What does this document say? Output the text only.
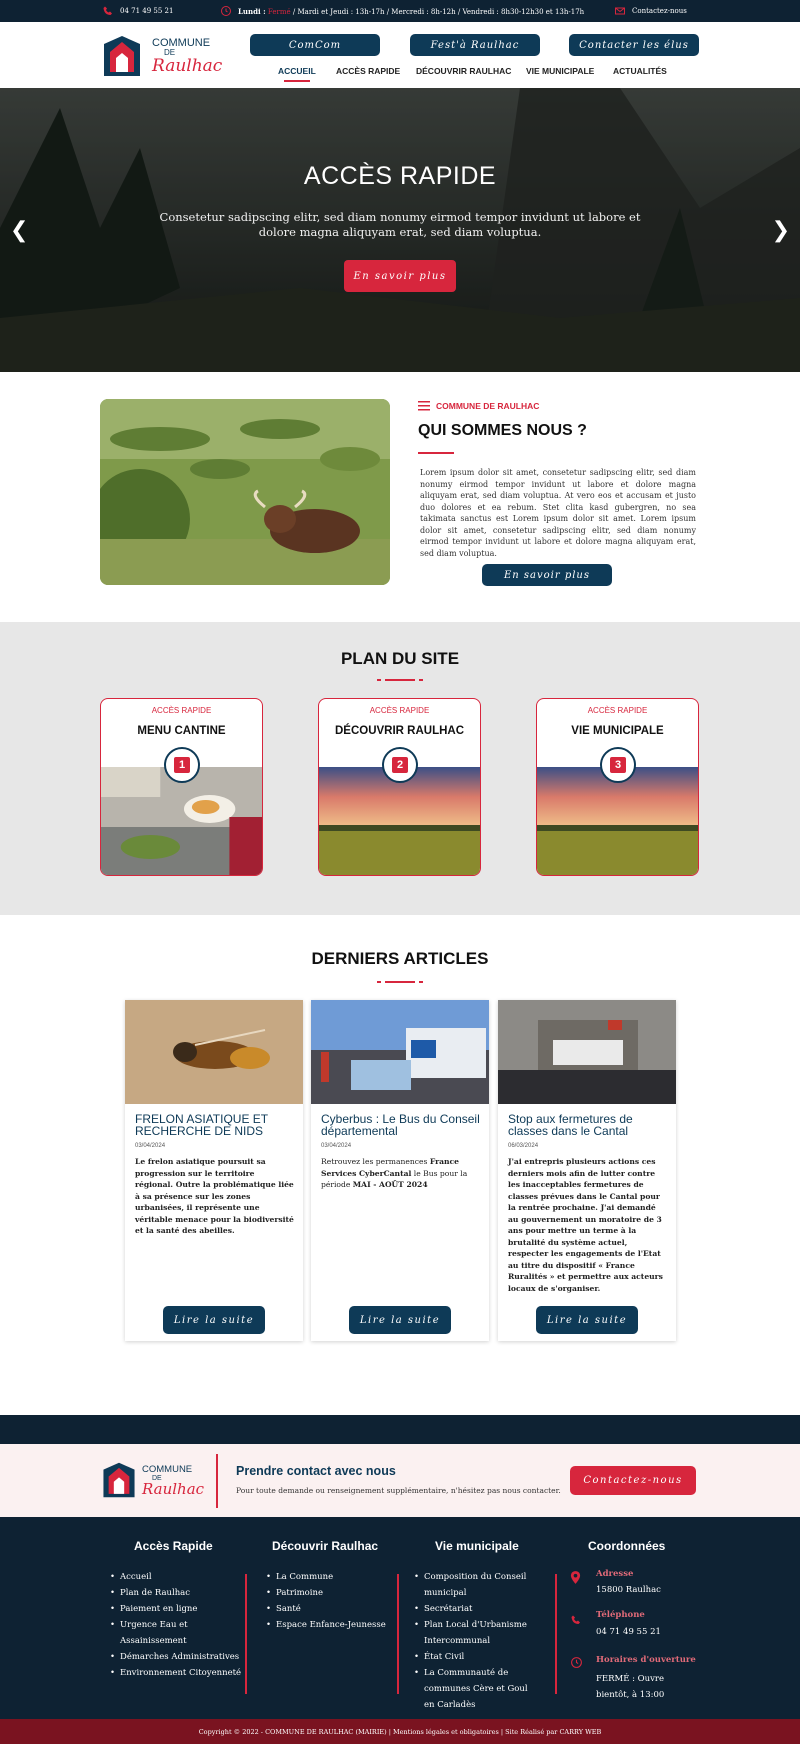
04 71 49 55 21	Lundi : Fermé / Mardi et Jeudi : 13h-17h / Mercredi : 8h-12h / Vendredi : 8h30-12h30 et 13h-17h	Contactez-nous
COMMUNE
DE
Raulhac
ComCom	Fest'à Raulhac	Contacter les élus
ACCUEIL ACCÈS RAPIDE DÉCOUVRIR RAULHAC VIE MUNICIPALE ACTUALITÉS
ACCÈS RAPIDE
Consetetur sadipscing elitr, sed diam nonumy eirmod tempor invidunt ut labore et dolore magna aliquyam erat, sed diam voluptua.
En savoir plus
❮	❯
COMMUNE DE RAULHAC
QUI SOMMES NOUS ?
Lorem ipsum dolor sit amet, consetetur sadipscing elitr, sed diam nonumy eirmod tempor invidunt ut labore et dolore magna aliquyam erat, sed diam voluptua. At vero eos et accusam et justo duo dolores et ea rebum. Stet clita kasd gubergren, no sea takimata sanctus est Lorem ipsum dolor sit amet. Lorem ipsum dolor sit amet, consetetur sadipscing elitr, sed diam nonumy eirmod tempor invidunt ut labore et dolore magna aliquyam erat, sed diam voluptua.
En savoir plus
PLAN DU SITE
ACCÈS RAPIDE
MENU CANTINE
1
ACCÈS RAPIDE
DÉCOUVRIR RAULHAC
2
ACCÈS RAPIDE
VIE MUNICIPALE
3
DERNIERS ARTICLES
FRELON ASIATIQUE ET RECHERCHE DE NIDS
03/04/2024
Le frelon asiatique poursuit sa progression sur le territoire régional. Outre la problématique liée à sa présence sur les zones urbanisées, il représente une véritable menace pour la biodiversité et la santé des abeilles.
Lire la suite
Cyberbus : Le Bus du Conseil départemental
03/04/2024
Retrouvez les permanences France Services CyberCantal le Bus pour la période MAI - AOÛT 2024
Lire la suite
Stop aux fermetures de classes dans le Cantal
06/03/2024
J'ai entrepris plusieurs actions ces derniers mois afin de lutter contre les inacceptables fermetures de classes prévues dans le Cantal pour la rentrée prochaine. J'ai demandé au gouvernement un moratoire de 3 ans pour mettre un terme à la brutalité du système actuel, respecter les engagements de l'Etat au titre du dispositif « France Ruralités » et permettre aux acteurs locaux de s'organiser.
Lire la suite
COMMUNE
DE
Raulhac
Prendre contact avec nous
Pour toute demande ou renseignement supplémentaire, n'hésitez pas nous contacter.
Contactez-nous
Accès Rapide
• Accueil
• Plan de Raulhac
• Paiement en ligne
• Urgence Eau et Assainissement
• Démarches Administratives
• Environnement Citoyenneté
Découvrir Raulhac
• La Commune
• Patrimoine
• Santé
• Espace Enfance-Jeunesse
Vie municipale
• Composition du Conseil municipal
• Secrétariat
• Plan Local d'Urbanisme Intercommunal
• État Civil
• La Communauté de communes Cère et Goul en Carladès
Coordonnées
Adresse
15800 Raulhac
Téléphone
04 71 49 55 21
Horaires d'ouverture
FERMÉ : Ouvre bientôt, à 13:00
Copyright © 2022 - COMMUNE DE RAULHAC (MAIRIE) | Mentions légales et obligatoires | Site Réalisé par CARRY WEB
